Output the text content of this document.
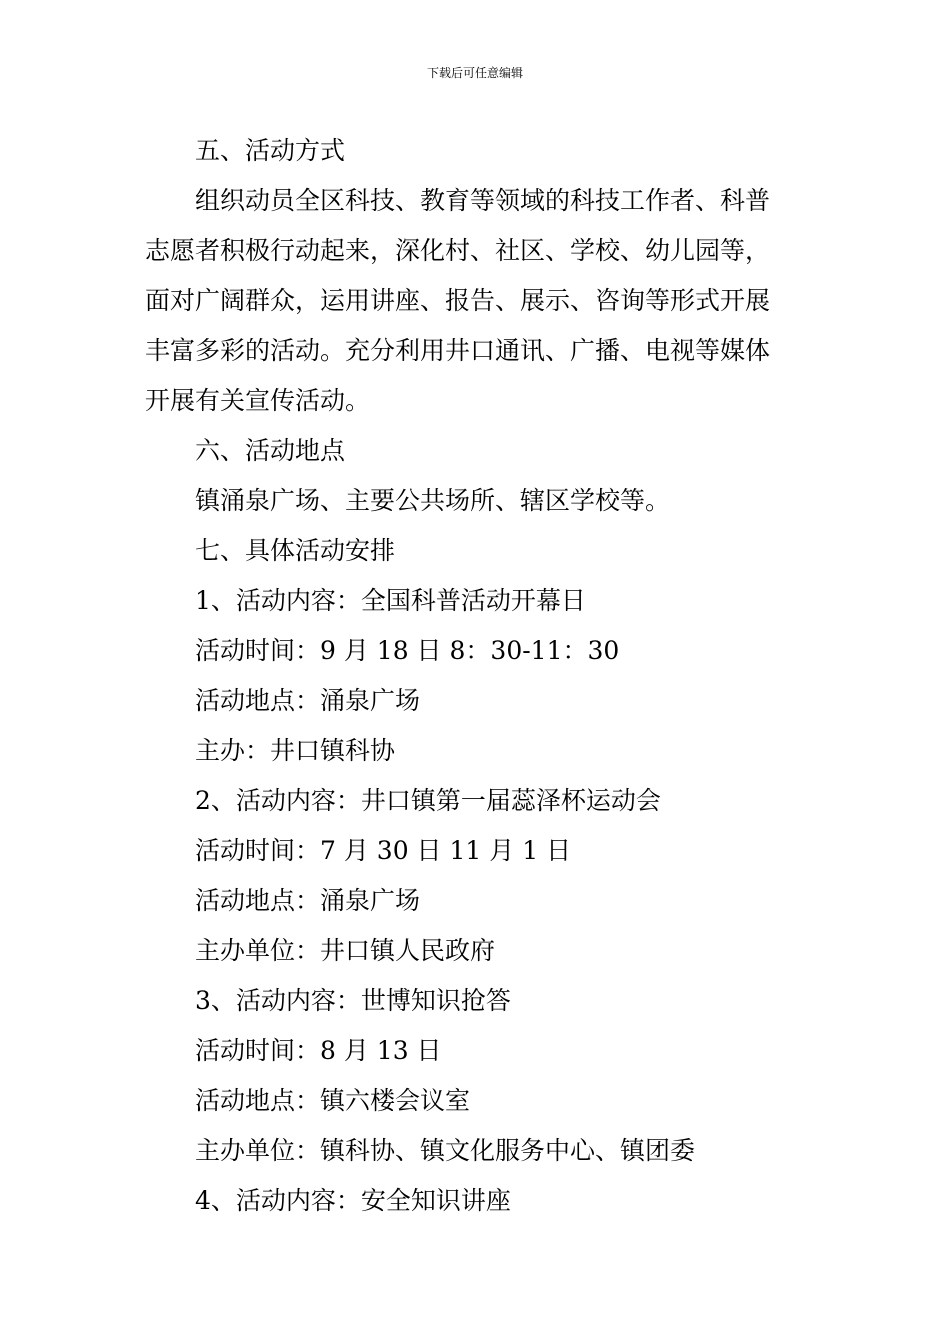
下载后可任意编辑

五、活动方式

组织动员全区科技、教育等领域的科技工作者、科普

志愿者积极行动起来，深化村、社区、学校、幼儿园等，

面对广阔群众，运用讲座、报告、展示、咨询等形式开展

丰富多彩的活动。充分利用井口通讯、广播、电视等媒体

开展有关宣传活动。

六、活动地点

镇涌泉广场、主要公共场所、辖区学校等。

七、具体活动安排

1、活动内容：全国科普活动开幕日

活动时间：9 月 18 日 8：30-11：30

活动地点：涌泉广场

主办：井口镇科协

2、活动内容：井口镇第一届蕊泽杯运动会

活动时间：7 月 30 日 11 月 1 日

活动地点：涌泉广场

主办单位：井口镇人民政府

3、活动内容：世博知识抢答

活动时间：8 月 13 日

活动地点：镇六楼会议室

主办单位：镇科协、镇文化服务中心、镇团委

4、活动内容：安全知识讲座
